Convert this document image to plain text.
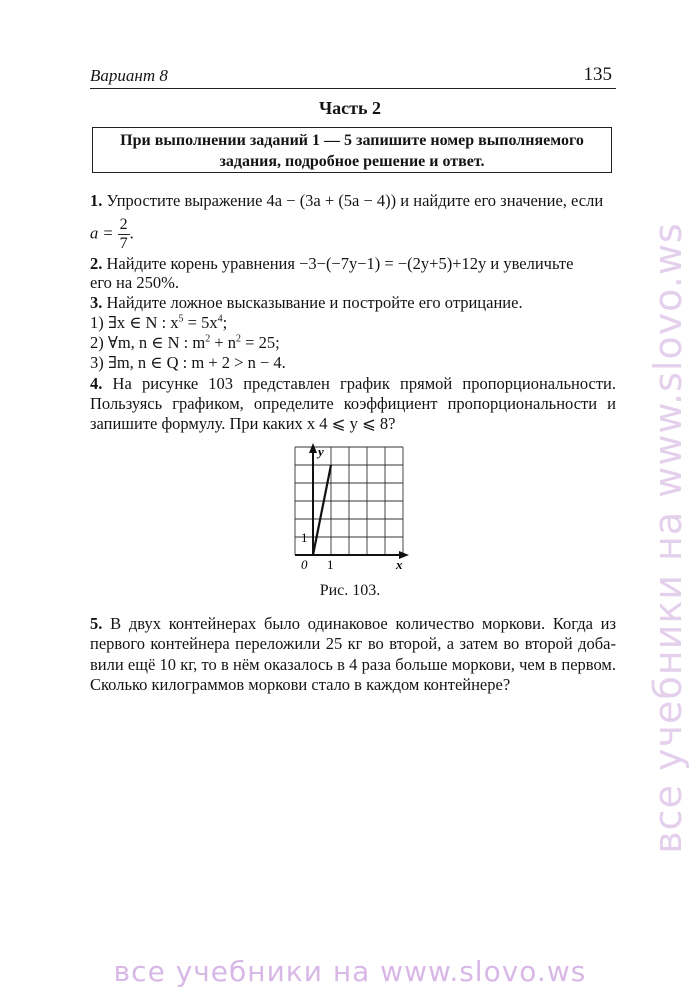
Вариант 8	135
Часть 2
При выполнении заданий 1 — 5 запишите номер выполняемого
задания, подробное решение и ответ.
1. Упростите выражение 4a − (3a + (5a − 4)) и найдите его значение, если
$a = \frac{2}{7}$ .
2. Найдите корень уравнения −3−(−7y−1) = −(2y+5)+12y и увеличьте
его на 250%.
3. Найдите ложное высказывание и постройте его отрицание.
1) ∃x ∈ N : $x^5 = 5x^4$;
2) ∀m, n ∈ N : $m^2 + n^2 = 25$;
3) ∃m, n ∈ Q : m + 2 > n − 4.
4. На рисунке 103 представлен график прямой пропорциональности.
Пользуясь графиком, определите коэффициент пропорциональности и
запишите формулу. При каких x 4 ⩽ y ⩽ 8?
y
x
0 1
1
Рис. 103.
5. В двух контейнерах было одинаковое количество моркови. Когда из
первого контейнера переложили 25 кг во второй, а затем во второй доба-
вили ещё 10 кг, то в нём оказалось в 4 раза больше моркови, чем в первом.
Сколько килограммов моркови стало в каждом контейнере?
все учебники на www.slovo.ws
все учебники на www.slovo.ws
